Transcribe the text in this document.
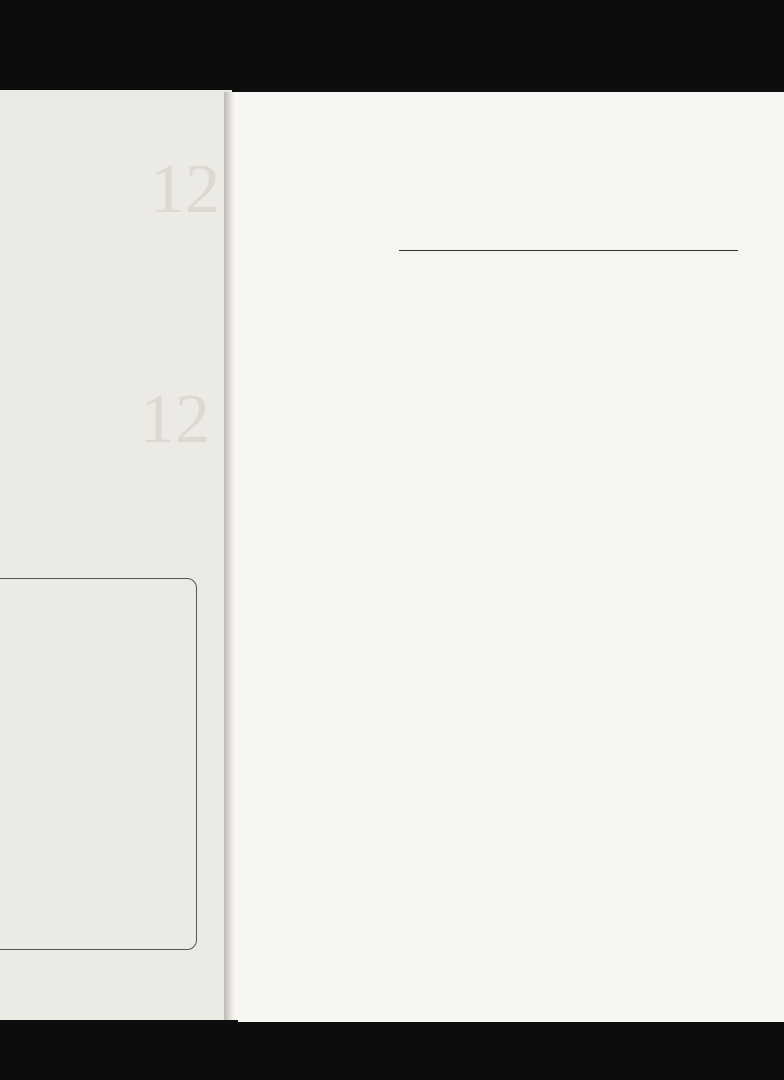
12
12
